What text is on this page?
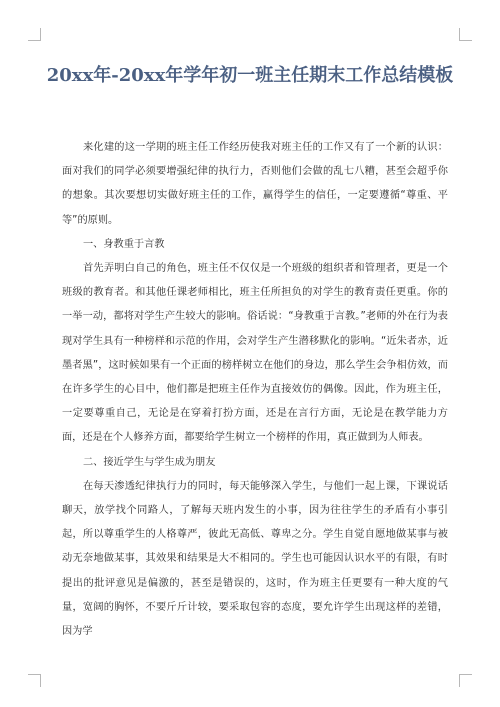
20xx年-20xx年学年初一班主任期末工作总结模板

来化建的这一学期的班主任工作经历使我对班主任的工作又有了一个新的认识：面对我们的同学必须要增强纪律的执行力，否则他们会做的乱七八糟，甚至会超乎你的想象。其次要想切实做好班主任的工作，赢得学生的信任，一定要遵循“尊重、平等”的原则。

一、身教重于言教

首先弄明白自己的角色，班主任不仅仅是一个班级的组织者和管理者，更是一个班级的教育者。和其他任课老师相比，班主任所担负的对学生的教育责任更重。你的一举一动，都将对学生产生较大的影响。俗话说：“身教重于言教。”老师的外在行为表现对学生具有一种榜样和示范的作用，会对学生产生潜移默化的影响。“近朱者赤，近墨者黑”，这时候如果有一个正面的榜样树立在他们的身边，那么学生会争相仿效，而在许多学生的心目中，他们都是把班主任作为直接效仿的偶像。因此，作为班主任，一定要尊重自己，无论是在穿着打扮方面，还是在言行方面，无论是在教学能力方面，还是在个人修养方面，都要给学生树立一个榜样的作用，真正做到为人师表。

二、接近学生与学生成为朋友

在每天渗透纪律执行力的同时，每天能够深入学生，与他们一起上课，下课说话聊天，放学找个同路人，了解每天班内发生的小事，因为往往学生的矛盾有小事引起，所以尊重学生的人格尊严，彼此无高低、尊卑之分。学生自觉自愿地做某事与被动无奈地做某事，其效果和结果是大不相同的。学生也可能因认识水平的有限，有时提出的批评意见是偏激的，甚至是错误的，这时，作为班主任更要有一种大度的气量，宽阔的胸怀，不要斤斤计较，要采取包容的态度，要允许学生出现这样的差错，因为学
